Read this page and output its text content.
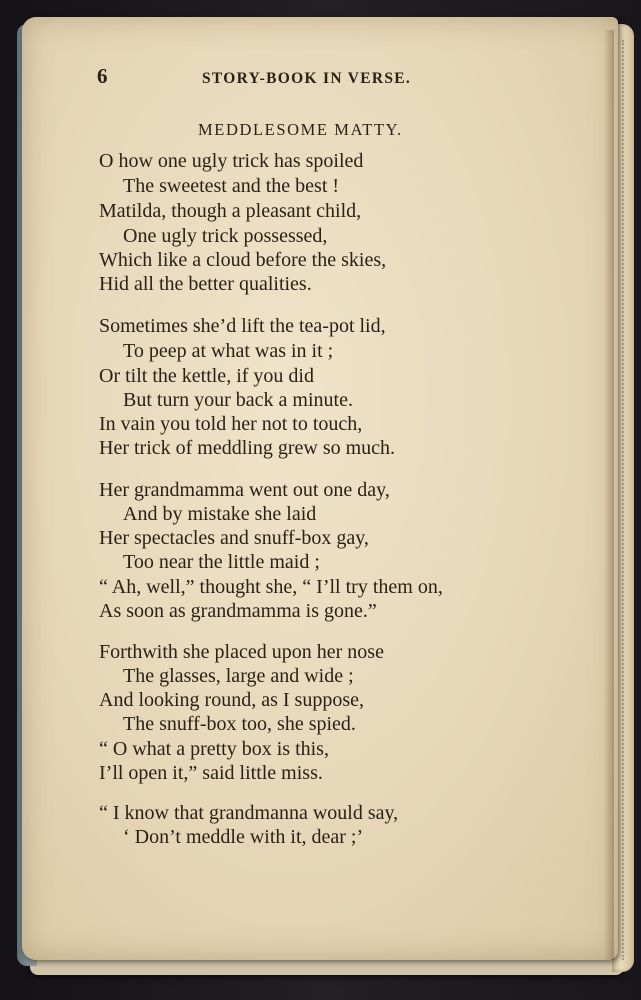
6	STORY-BOOK IN VERSE.
MEDDLESOME MATTY.
O how one ugly trick has spoiled
The sweetest and the best !
Matilda, though a pleasant child,
One ugly trick possessed,
Which like a cloud before the skies,
Hid all the better qualities.
Sometimes she’d lift the tea-pot lid,
To peep at what was in it ;
Or tilt the kettle, if you did
But turn your back a minute.
In vain you told her not to touch,
Her trick of meddling grew so much.
Her grandmamma went out one day,
And by mistake she laid
Her spectacles and snuff-box gay,
Too near the little maid ;
“ Ah, well,” thought she, “ I’ll try them on,
As soon as grandmamma is gone.”
Forthwith she placed upon her nose
The glasses, large and wide ;
And looking round, as I suppose,
The snuff-box too, she spied.
“ O what a pretty box is this,
I’ll open it,” said little miss.
“ I know that grandmanna would say,
‘ Don’t meddle with it, dear ;’
